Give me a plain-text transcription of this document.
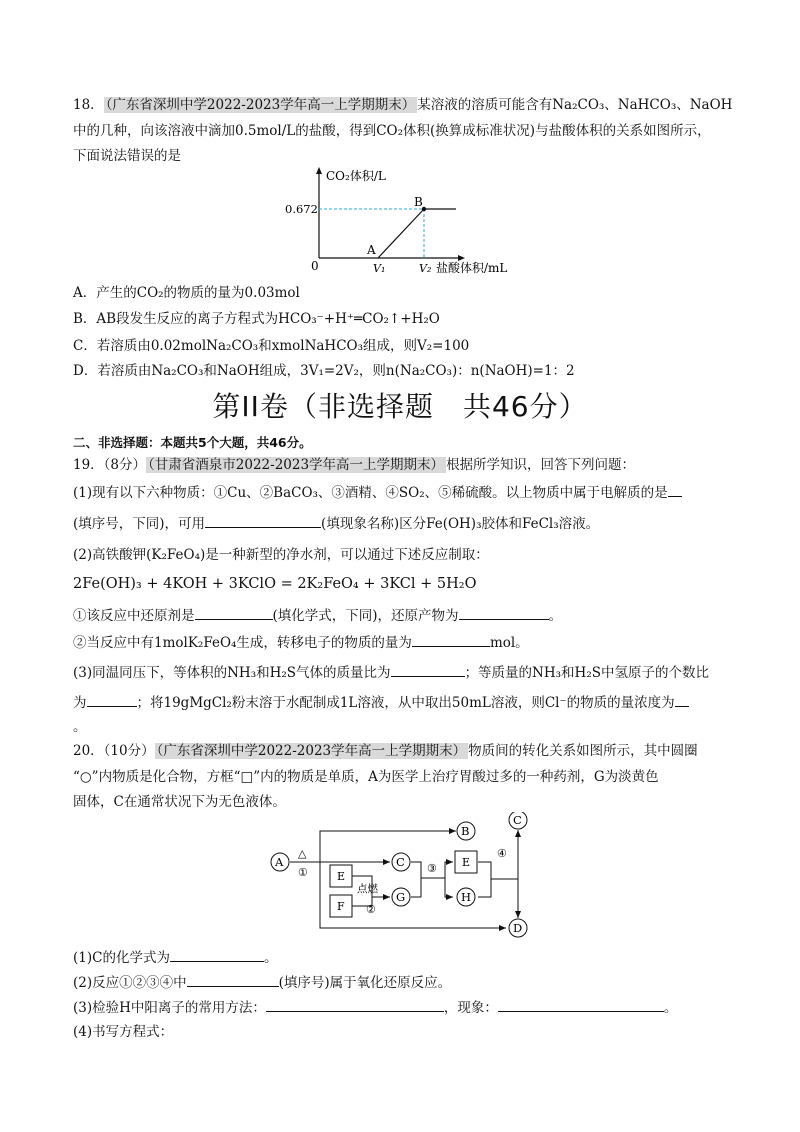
18． （广东省深圳中学2022-2023学年高一上学期期末） 某溶液的溶质可能含有Na₂CO₃、NaHCO₃、NaOH
中的几种，向该溶液中滴加0.5mol/L的盐酸，得到CO₂体积(换算成标准状况)与盐酸体积的关系如图所示，
下面说法错误的是
CO₂体积/L
盐酸体积/mL
0
0.672
A
B
V₁	V₂
A．产生的CO₂的物质的量为0.03mol
B．AB段发生反应的离子方程式为HCO₃⁻+H⁺═CO₂↑+H₂O
C．若溶质由0.02molNa₂CO₃和xmolNaHCO₃组成，则V₂=100
D．若溶质由Na₂CO₃和NaOH组成，3V₁=2V₂，则n(Na₂CO₃)：n(NaOH)=1：2
第II卷（非选择题　共46分）
二、非选择题：本题共5个大题，共46分。
19．（8分） （甘肃省酒泉市2022-2023学年高一上学期期末） 根据所学知识，回答下列问题：
(1)现有以下六种物质：①Cu、②BaCO₃、③酒精、④SO₂、⑤稀硫酸。以上物质中属于电解质的是
(填序号，下同)，可用	(填现象名称)区分Fe(OH)₃胶体和FeCl₃溶液。
(2)高铁酸钾(K₂FeO₄)是一种新型的净水剂，可以通过下述反应制取：
2Fe(OH)₃ + 4KOH + 3KClO = 2K₂FeO₄ + 3KCl + 5H₂O
①该反应中还原剂是	(填化学式，下同)，还原产物为	。
②当反应中有1molK₂FeO₄生成，转移电子的物质的量为	mol。
(3)同温同压下，等体积的NH₃和H₂S气体的质量比为	；等质量的NH₃和H₂S中氢原子的个数比
为	；将19gMgCl₂粉末溶于水配制成1L溶液，从中取出50mL溶液，则Cl⁻的物质的量浓度为
。
20．（10分） （广东省深圳中学2022-2023学年高一上学期期末） 物质间的转化关系如图所示，其中圆圈
“○”内物质是化合物，方框“□”内的物质是单质，A为医学上治疗胃酸过多的一种药剂，G为淡黄色
固体，C在通常状况下为无色液体。
A
B
C
G	H
C
D
E
F
E
△
①
点燃
②
③
④
(1)C的化学式为	。
(2)反应①②③④中	(填序号)属于氧化还原反应。
(3)检验H中阳离子的常用方法：	，现象：	。
(4)书写方程式：
